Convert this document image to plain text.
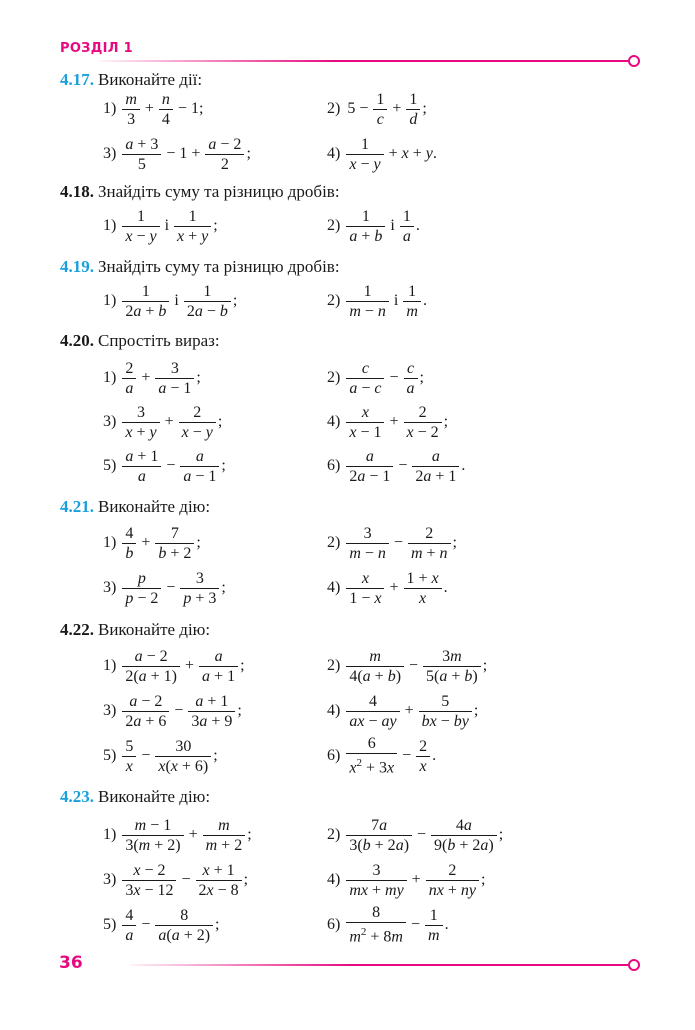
РОЗДІЛ 1
4.17. Виконайте дії:
$1) \frac{m}{3} + \frac{n}{4} - 1$;	2) $5 - \frac{1}{c} + \frac{1}{d}$ ;
$3) \frac{a + 3}{5} - 1 + \frac{a - 2}{2}$ ;	$4) \frac{1}{x - y} + x + y$.
4.18. Знайдіть суму та різницю дробів:
$1) \frac{1}{x - y}$ і $\frac{1}{x + y}$ ;	$2) \frac{1}{a + b}$ і $\frac{1}{a}$ .
4.19. Знайдіть суму та різницю дробів:
$1) \frac{1}{2a + b}$ і $\frac{1}{2a - b}$ ;	$2) \frac{1}{m - n}$ і $\frac{1}{m}$ .
4.20. Спростіть вираз:
$1) \frac{2}{a} + \frac{3}{a - 1}$ ;	$2) \frac{c}{a - c} - \frac{c}{a}$ ;
$3) \frac{3}{x + y} + \frac{2}{x - y}$ ;	$4) \frac{x}{x - 1} + \frac{2}{x - 2}$ ;
$5) \frac{a + 1}{a} - \frac{a}{a - 1}$ ;	$6) \frac{a}{2a - 1} - \frac{a}{2a + 1}$ .
4.21. Виконайте дію:
$1) \frac{4}{b} + \frac{7}{b + 2}$ ;	$2) \frac{3}{m - n} - \frac{2}{m + n}$ ;
$3) \frac{p}{p - 2} - \frac{3}{p + 3}$ ;	$4) \frac{x}{1 - x} + \frac{1 + x}{x}$ .
4.22. Виконайте дію:
$1) \frac{a - 2}{2(a + 1)} + \frac{a}{a + 1}$ ;	$2) \frac{m}{4(a + b)} - \frac{3m}{5(a + b)}$ ;
$3) \frac{a - 2}{2a + 6} - \frac{a + 1}{3a + 9}$ ;	$4) \frac{4}{ax - ay} + \frac{5}{bx - by}$ ;
$5) \frac{5}{x} - \frac{30}{x(x + 6)}$ ;	$6) \frac{6}{x^2 + 3x} - \frac{2}{x}$ .
4.23. Виконайте дію:
$1) \frac{m - 1}{3(m + 2)} + \frac{m}{m + 2}$ ;	$2) \frac{7a}{3(b + 2a)} - \frac{4a}{9(b + 2a)}$ ;
$3) \frac{x - 2}{3x - 12} - \frac{x + 1}{2x - 8}$ ;	$4) \frac{3}{mx + my} + \frac{2}{nx + ny}$ ;
$5) \frac{4}{a} - \frac{8}{a(a + 2)}$ ;	$6) \frac{8}{m^2 + 8m} - \frac{1}{m}$ .
36
